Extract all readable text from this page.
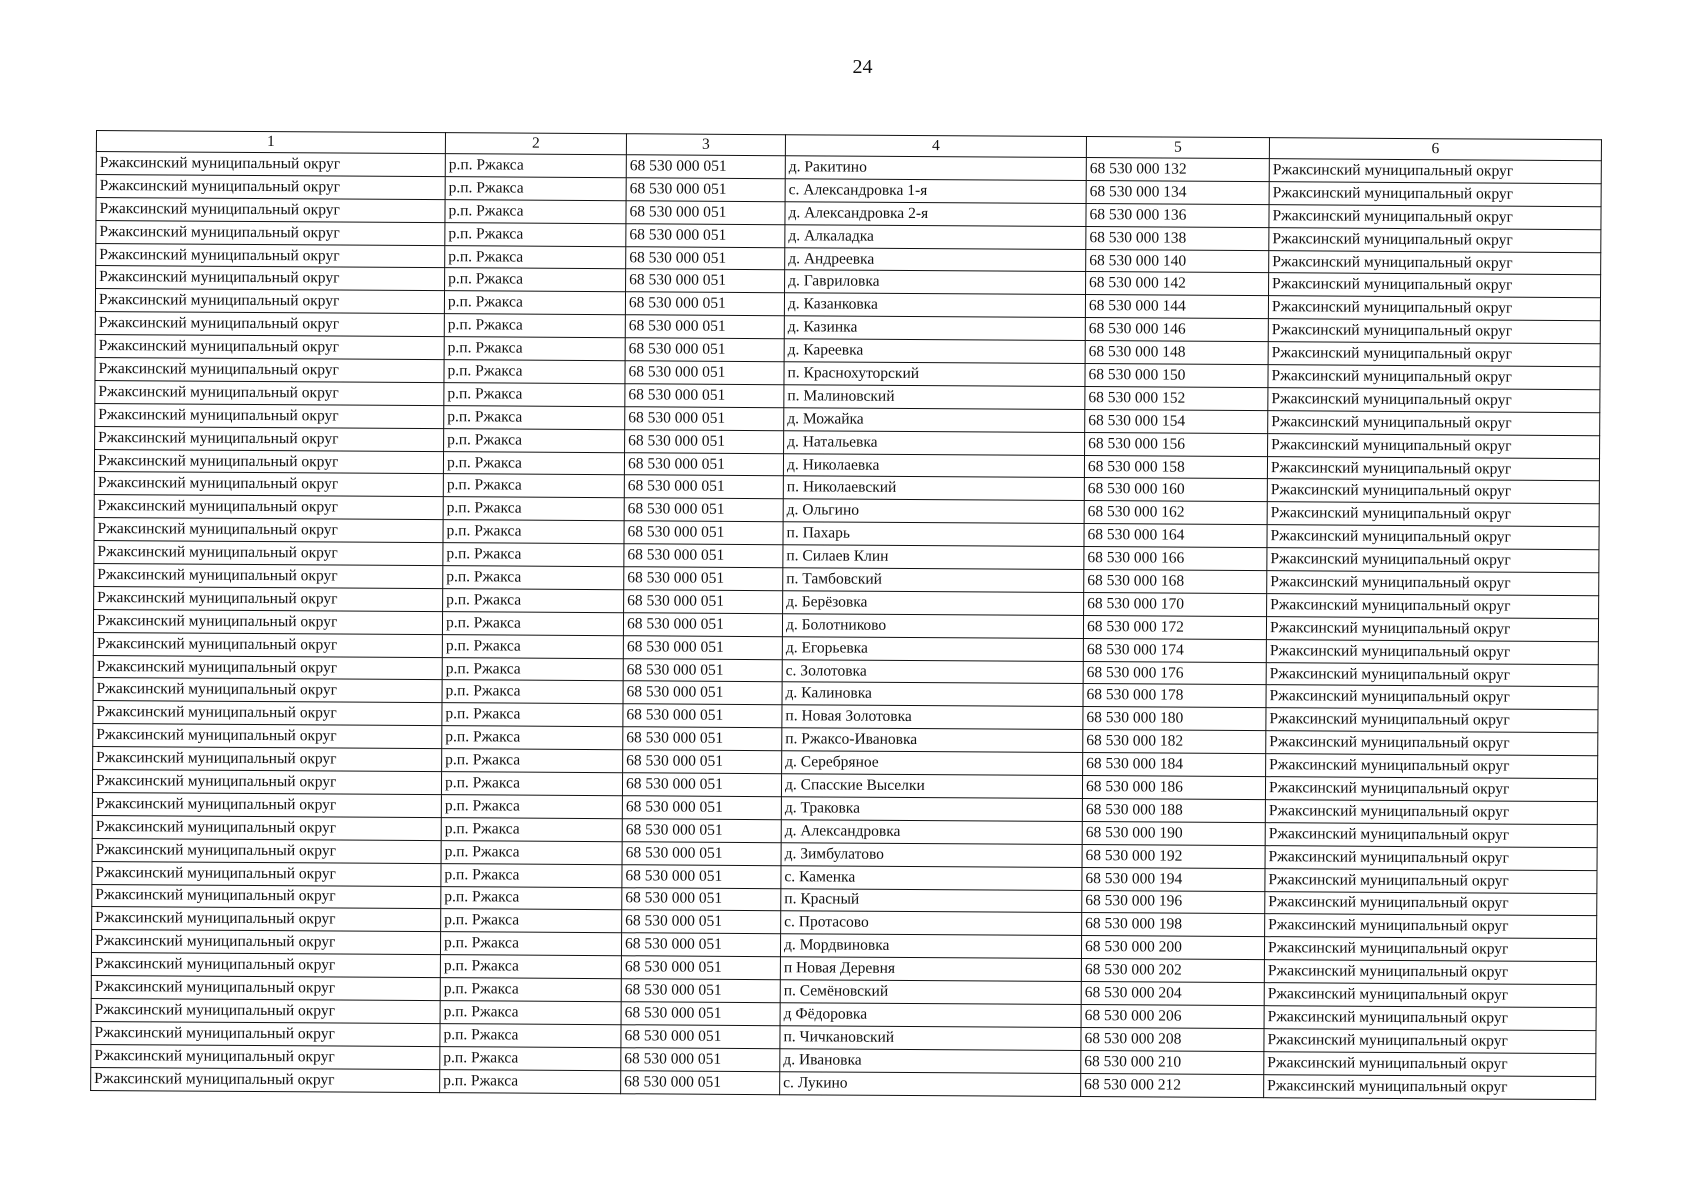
24
1	2	3	4	5	6
Ржаксинский муниципальный округ	р.п. Ржакса	68 530 000 051	д. Ракитино	68 530 000 132	Ржаксинский муниципальный округ
Ржаксинский муниципальный округ	р.п. Ржакса	68 530 000 051	с. Александровка 1-я	68 530 000 134	Ржаксинский муниципальный округ
Ржаксинский муниципальный округ	р.п. Ржакса	68 530 000 051	д. Александровка 2-я	68 530 000 136	Ржаксинский муниципальный округ
Ржаксинский муниципальный округ	р.п. Ржакса	68 530 000 051	д. Алкаладка	68 530 000 138	Ржаксинский муниципальный округ
Ржаксинский муниципальный округ	р.п. Ржакса	68 530 000 051	д. Андреевка	68 530 000 140	Ржаксинский муниципальный округ
Ржаксинский муниципальный округ	р.п. Ржакса	68 530 000 051	д. Гавриловка	68 530 000 142	Ржаксинский муниципальный округ
Ржаксинский муниципальный округ	р.п. Ржакса	68 530 000 051	д. Казанковка	68 530 000 144	Ржаксинский муниципальный округ
Ржаксинский муниципальный округ	р.п. Ржакса	68 530 000 051	д. Казинка	68 530 000 146	Ржаксинский муниципальный округ
Ржаксинский муниципальный округ	р.п. Ржакса	68 530 000 051	д. Кареевка	68 530 000 148	Ржаксинский муниципальный округ
Ржаксинский муниципальный округ	р.п. Ржакса	68 530 000 051	п. Краснохуторский	68 530 000 150	Ржаксинский муниципальный округ
Ржаксинский муниципальный округ	р.п. Ржакса	68 530 000 051	п. Малиновский	68 530 000 152	Ржаксинский муниципальный округ
Ржаксинский муниципальный округ	р.п. Ржакса	68 530 000 051	д. Можайка	68 530 000 154	Ржаксинский муниципальный округ
Ржаксинский муниципальный округ	р.п. Ржакса	68 530 000 051	д. Натальевка	68 530 000 156	Ржаксинский муниципальный округ
Ржаксинский муниципальный округ	р.п. Ржакса	68 530 000 051	д. Николаевка	68 530 000 158	Ржаксинский муниципальный округ
Ржаксинский муниципальный округ	р.п. Ржакса	68 530 000 051	п. Николаевский	68 530 000 160	Ржаксинский муниципальный округ
Ржаксинский муниципальный округ	р.п. Ржакса	68 530 000 051	д. Ольгино	68 530 000 162	Ржаксинский муниципальный округ
Ржаксинский муниципальный округ	р.п. Ржакса	68 530 000 051	п. Пахарь	68 530 000 164	Ржаксинский муниципальный округ
Ржаксинский муниципальный округ	р.п. Ржакса	68 530 000 051	п. Силаев Клин	68 530 000 166	Ржаксинский муниципальный округ
Ржаксинский муниципальный округ	р.п. Ржакса	68 530 000 051	п. Тамбовский	68 530 000 168	Ржаксинский муниципальный округ
Ржаксинский муниципальный округ	р.п. Ржакса	68 530 000 051	д. Берёзовка	68 530 000 170	Ржаксинский муниципальный округ
Ржаксинский муниципальный округ	р.п. Ржакса	68 530 000 051	д. Болотниково	68 530 000 172	Ржаксинский муниципальный округ
Ржаксинский муниципальный округ	р.п. Ржакса	68 530 000 051	д. Егорьевка	68 530 000 174	Ржаксинский муниципальный округ
Ржаксинский муниципальный округ	р.п. Ржакса	68 530 000 051	с. Золотовка	68 530 000 176	Ржаксинский муниципальный округ
Ржаксинский муниципальный округ	р.п. Ржакса	68 530 000 051	д. Калиновка	68 530 000 178	Ржаксинский муниципальный округ
Ржаксинский муниципальный округ	р.п. Ржакса	68 530 000 051	п. Новая Золотовка	68 530 000 180	Ржаксинский муниципальный округ
Ржаксинский муниципальный округ	р.п. Ржакса	68 530 000 051	п. Ржаксо-Ивановка	68 530 000 182	Ржаксинский муниципальный округ
Ржаксинский муниципальный округ	р.п. Ржакса	68 530 000 051	д. Серебряное	68 530 000 184	Ржаксинский муниципальный округ
Ржаксинский муниципальный округ	р.п. Ржакса	68 530 000 051	д. Спасские Выселки	68 530 000 186	Ржаксинский муниципальный округ
Ржаксинский муниципальный округ	р.п. Ржакса	68 530 000 051	д. Траковка	68 530 000 188	Ржаксинский муниципальный округ
Ржаксинский муниципальный округ	р.п. Ржакса	68 530 000 051	д. Александровка	68 530 000 190	Ржаксинский муниципальный округ
Ржаксинский муниципальный округ	р.п. Ржакса	68 530 000 051	д. Зимбулатово	68 530 000 192	Ржаксинский муниципальный округ
Ржаксинский муниципальный округ	р.п. Ржакса	68 530 000 051	с. Каменка	68 530 000 194	Ржаксинский муниципальный округ
Ржаксинский муниципальный округ	р.п. Ржакса	68 530 000 051	п. Красный	68 530 000 196	Ржаксинский муниципальный округ
Ржаксинский муниципальный округ	р.п. Ржакса	68 530 000 051	с. Протасово	68 530 000 198	Ржаксинский муниципальный округ
Ржаксинский муниципальный округ	р.п. Ржакса	68 530 000 051	д. Мордвиновка	68 530 000 200	Ржаксинский муниципальный округ
Ржаксинский муниципальный округ	р.п. Ржакса	68 530 000 051	п Новая Деревня	68 530 000 202	Ржаксинский муниципальный округ
Ржаксинский муниципальный округ	р.п. Ржакса	68 530 000 051	п. Семёновский	68 530 000 204	Ржаксинский муниципальный округ
Ржаксинский муниципальный округ	р.п. Ржакса	68 530 000 051	д Фёдоровка	68 530 000 206	Ржаксинский муниципальный округ
Ржаксинский муниципальный округ	р.п. Ржакса	68 530 000 051	п. Чичкановский	68 530 000 208	Ржаксинский муниципальный округ
Ржаксинский муниципальный округ	р.п. Ржакса	68 530 000 051	д. Ивановка	68 530 000 210	Ржаксинский муниципальный округ
Ржаксинский муниципальный округ	р.п. Ржакса	68 530 000 051	с. Лукино	68 530 000 212	Ржаксинский муниципальный округ
